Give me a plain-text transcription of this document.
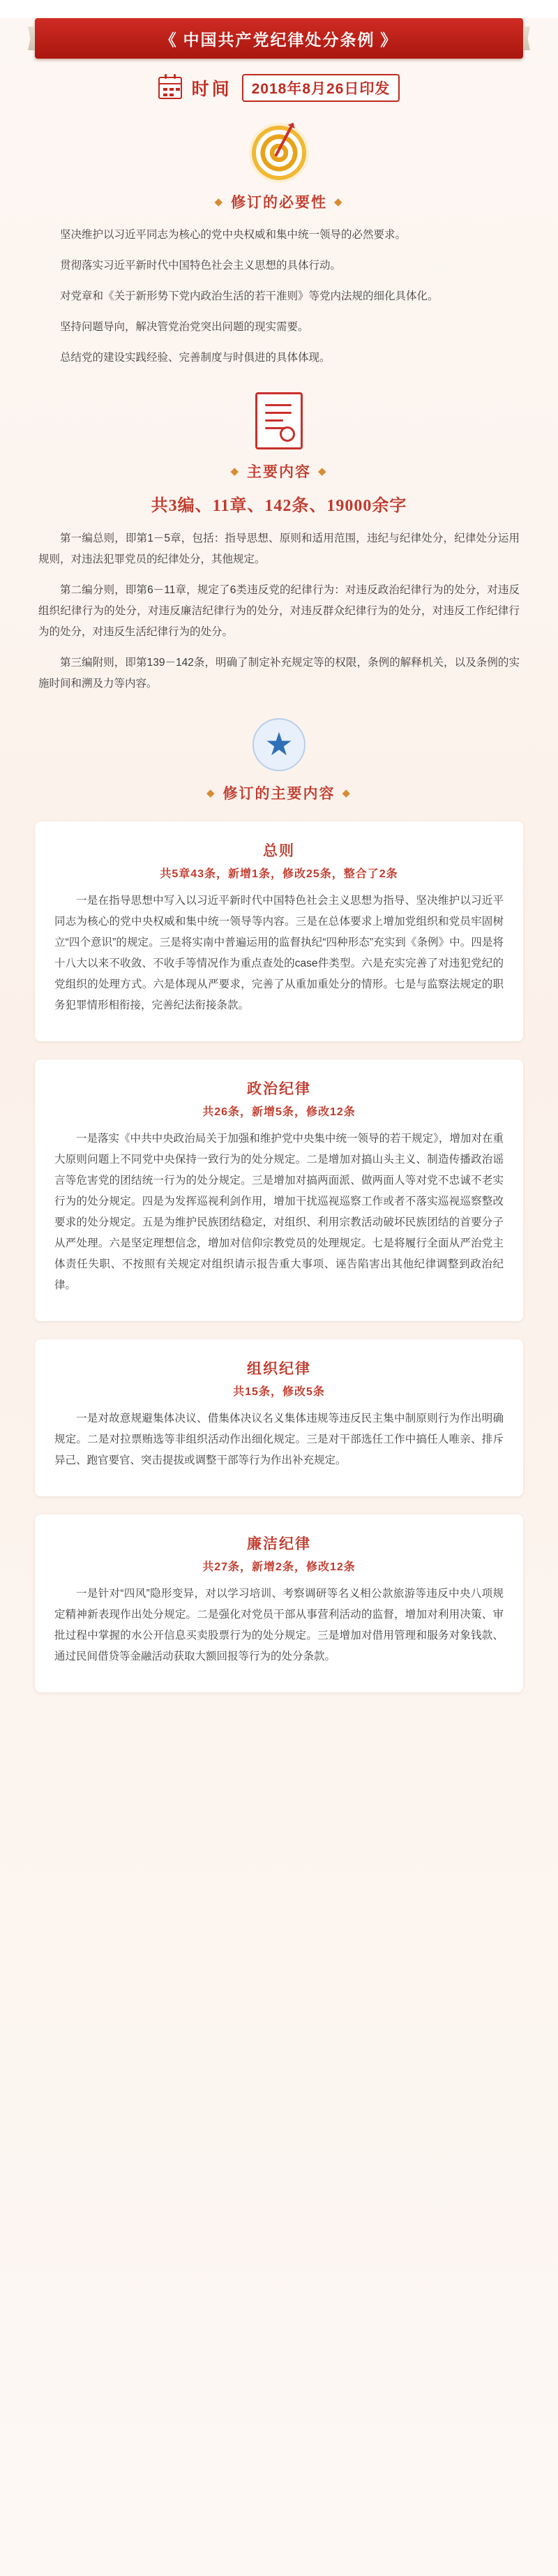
《 中国共产党纪律处分条例 》
时间	2018年8月26日印发
◆ 修订的必要性 ◆

坚决维护以习近平同志为核心的党中央权威和集中统一领导的必然要求。

贯彻落实习近平新时代中国特色社会主义思想的具体行动。

对党章和《关于新形势下党内政治生活的若干准则》等党内法规的细化具体化。

坚持问题导向，解决管党治党突出问题的现实需要。

总结党的建设实践经验、完善制度与时俱进的具体体现。

◆ 主要内容 ◆
共3编、11章、142条、19000余字

第一编总则，即第1－5章，包括：指导思想、原则和适用范围，违纪与纪律处分，纪律处分运用规则，对违法犯罪党员的纪律处分，其他规定。

第二编分则，即第6－11章，规定了6类违反党的纪律行为：对违反政治纪律行为的处分，对违反组织纪律行为的处分，对违反廉洁纪律行为的处分，对违反群众纪律行为的处分，对违反工作纪律行为的处分，对违反生活纪律行为的处分。

第三编附则，即第139－142条，明确了制定补充规定等的权限，条例的解释机关，以及条例的实施时间和溯及力等内容。

★
◆ 修订的主要内容 ◆
总则
共5章43条，新增1条，修改25条，整合了2条

一是在指导思想中写入以习近平新时代中国特色社会主义思想为指导、坚决维护以习近平同志为核心的党中央权威和集中统一领导等内容。三是在总体要求上增加党组织和党员牢固树立“四个意识”的规定。三是将实南中普遍运用的监督执纪“四种形态”充实到《条例》中。四是将十八大以来不收敛、不收手等情况作为重点查处的case件类型。六是充实完善了对违犯党纪的党组织的处理方式。六是体现从严要求，完善了从重加重处分的情形。七是与监察法规定的职务犯罪情形相衔接，完善纪法衔接条款。

政治纪律
共26条，新增5条，修改12条

一是落实《中共中央政治局关于加强和维护党中央集中统一领导的若干规定》，增加对在重大原则问题上不同党中央保持一致行为的处分规定。二是增加对搞山头主义、制造传播政治谣言等危害党的团结统一行为的处分规定。三是增加对搞两面派、做两面人等对党不忠诚不老实行为的处分规定。四是为发挥巡视利剑作用，增加干扰巡视巡察工作或者不落实巡视巡察整改要求的处分规定。五是为维护民族团结稳定，对组织、利用宗教活动破坏民族团结的首要分子从严处理。六是坚定理想信念，增加对信仰宗教党员的处理规定。七是将履行全面从严治党主体责任失职、不按照有关规定对组织请示报告重大事项、诬告陷害出其他纪律调整到政治纪律。

组织纪律
共15条，修改5条

一是对故意规避集体决议、借集体决议名义集体违规等违反民主集中制原则行为作出明确规定。二是对拉票贿选等非组织活动作出细化规定。三是对干部选任工作中搞任人唯亲、排斥异己、跑官要官、突击提拔或调整干部等行为作出补充规定。

廉洁纪律
共27条，新增2条，修改12条

一是针对“四风”隐形变异，对以学习培训、考察调研等名义相公款旅游等违反中央八项规定精神新表现作出处分规定。二是强化对党员干部从事营利活动的监督，增加对利用决策、审批过程中掌握的水公开信息买卖股票行为的处分规定。三是增加对借用管理和服务对象钱款、通过民间借贷等金融活动获取大额回报等行为的处分条款。
